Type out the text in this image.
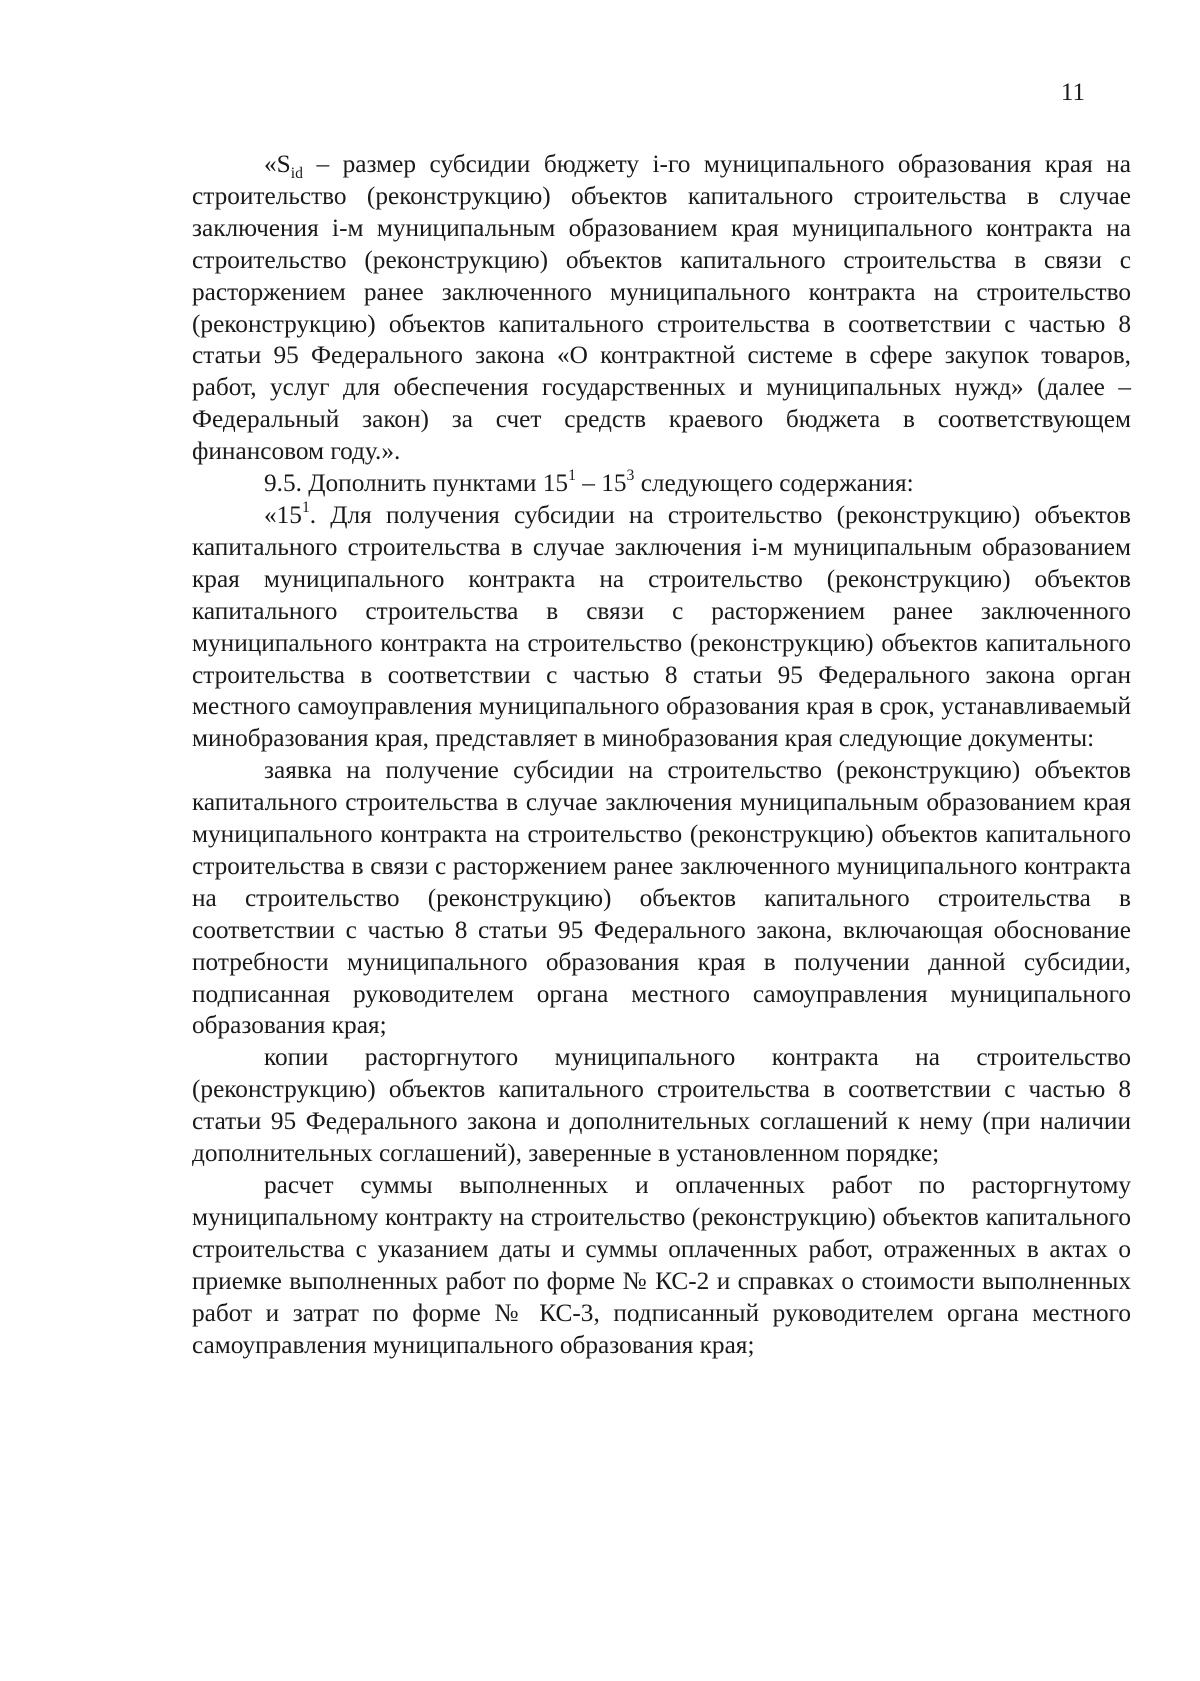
11

«$S_{id}$ – размер субсидии бюджету i-го муниципального образования края на строительство (реконструкцию) объектов капитального строительства в случае заключения i-м муниципальным образованием края муниципального контракта на строительство (реконструкцию) объектов капитального строительства в связи с расторжением ранее заключенного муниципального контракта на строительство (реконструкцию) объектов капитального строительства в соответствии с частью 8 статьи 95 Федерального закона «О контрактной системе в сфере закупок товаров, работ, услуг для обеспечения государственных и муниципальных нужд» (далее – Федеральный закон) за счет средств краевого бюджета в соответствующем финансовом году.».

9.5. Дополнить пунктами $15^1 - 15^3$ следующего содержания:

«$15^1$. Для получения субсидии на строительство (реконструкцию) объектов капитального строительства в случае заключения i-м муниципальным образованием края муниципального контракта на строительство (реконструкцию) объектов капитального строительства в связи с расторжением ранее заключенного муниципального контракта на строительство (реконструкцию) объектов капитального строительства в соответствии с частью 8 статьи 95 Федерального закона орган местного самоуправления муниципального образования края в срок, устанавливаемый минобразования края, представляет в минобразования края следующие документы:

заявка на получение субсидии на строительство (реконструкцию) объектов капитального строительства в случае заключения муниципальным образованием края муниципального контракта на строительство (реконструкцию) объектов капитального строительства в связи с расторжением ранее заключенного муниципального контракта на строительство (реконструкцию) объектов капитального строительства в соответствии с частью 8 статьи 95 Федерального закона, включающая обоснование потребности муниципального образования края в получении данной субсидии, подписанная руководителем органа местного самоуправления муниципального образования края;

копии расторгнутого муниципального контракта на строительство (реконструкцию) объектов капитального строительства в соответствии с частью 8 статьи 95 Федерального закона и дополнительных соглашений к нему (при наличии дополнительных соглашений), заверенные в установленном порядке;

расчет суммы выполненных и оплаченных работ по расторгнутому муниципальному контракту на строительство (реконструкцию) объектов капитального строительства с указанием даты и суммы оплаченных работ, отраженных в актах о приемке выполненных работ по форме № КС-2 и справках о стоимости выполненных работ и затрат по форме № КС-3, подписанный руководителем органа местного самоуправления муниципального образования края;
